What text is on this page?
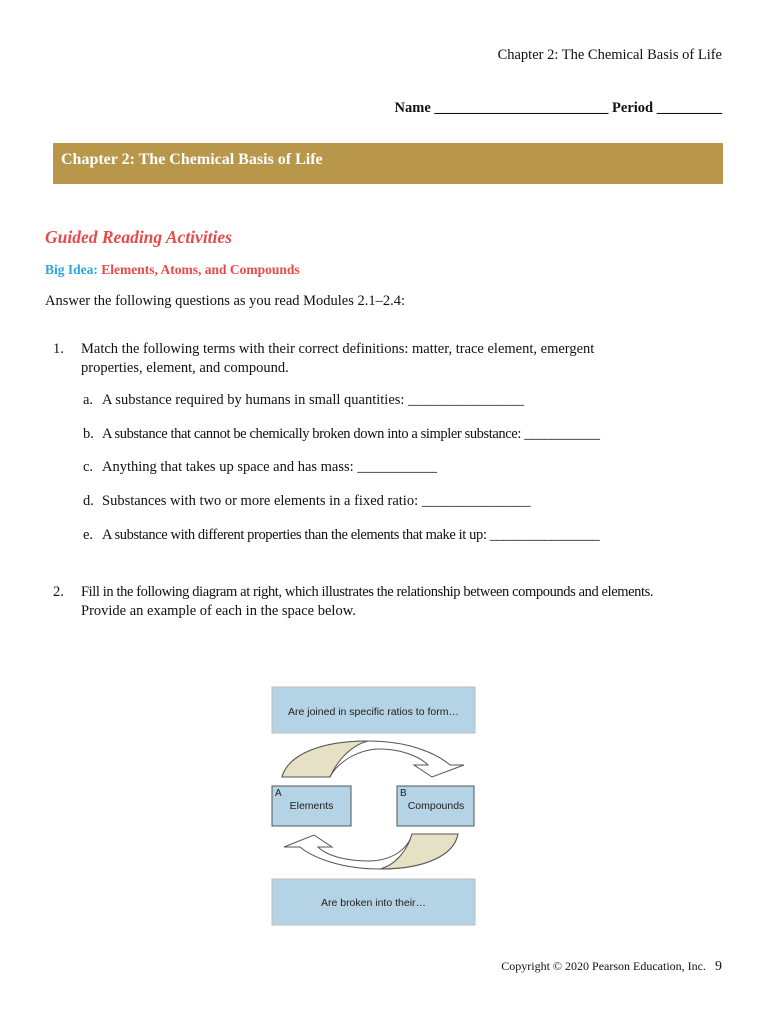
Chapter 2: The Chemical Basis of Life
Name ________________________ Period _________
Chapter 2: The Chemical Basis of Life
Guided Reading Activities
Big Idea: Elements, Atoms, and Compounds
Answer the following questions as you read Modules 2.1–2.4:
1. Match the following terms with their correct definitions: matter, trace element, emergent
properties, element, and compound.
a. A substance required by humans in small quantities: ________________
b. A substance that cannot be chemically broken down into a simpler substance: ___________
c. Anything that takes up space and has mass: ___________
d. Substances with two or more elements in a fixed ratio: _______________
e. A substance with different properties than the elements that make it up: ________________
2. Fill in the following diagram at right, which illustrates the relationship between compounds and elements.
Provide an example of each in the space below.
Are joined in specific ratios to form…
A
Elements
B
Compounds
Are broken into their…
Copyright © 2020 Pearson Education, Inc. 9
